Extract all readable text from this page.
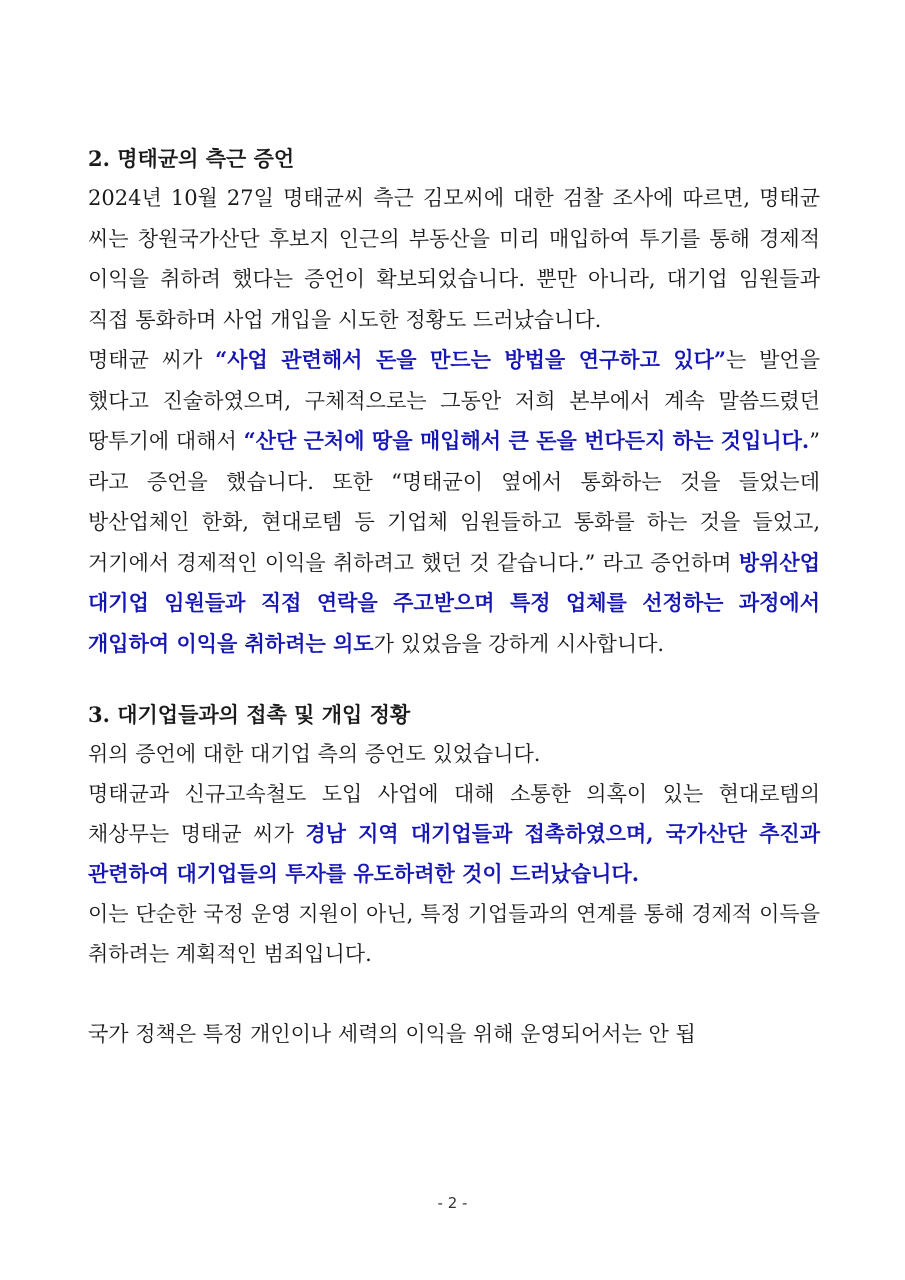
2. 명태균의 측근 증언

2024년 10월 27일 명태균씨 측근 김모씨에 대한 검찰 조사에 따르면, 명태균 씨는 창원국가산단 후보지 인근의 부동산을 미리 매입하여 투기를 통해 경제적 이익을 취하려 했다는 증언이 확보되었습니다. 뿐만 아니라, 대기업 임원들과 직접 통화하며 사업 개입을 시도한 정황도 드러났습니다.

명태균 씨가 “사업 관련해서 돈을 만드는 방법을 연구하고 있다”는 발언을 했다고 진술하였으며, 구체적으로는 그동안 저희 본부에서 계속 말씀드렸던 땅투기에 대해서 “산단 근처에 땅을 매입해서 큰 돈을 번다든지 하는 것입니다.” 라고 증언을 했습니다. 또한 “명태균이 옆에서 통화하는 것을 들었는데 방산업체인 한화, 현대로템 등 기업체 임원들하고 통화를 하는 것을 들었고, 거기에서 경제적인 이익을 취하려고 했던 것 같습니다.” 라고 증언하며 방위산업 대기업 임원들과 직접 연락을 주고받으며 특정 업체를 선정하는 과정에서 개입하여 이익을 취하려는 의도가 있었음을 강하게 시사합니다.

3. 대기업들과의 접촉 및 개입 정황

위의 증언에 대한 대기업 측의 증언도 있었습니다.

명태균과 신규고속철도 도입 사업에 대해 소통한 의혹이 있는 현대로템의 채상무는 명태균 씨가 경남 지역 대기업들과 접촉하였으며, 국가산단 추진과 관련하여 대기업들의 투자를 유도하려한 것이 드러났습니다.

이는 단순한 국정 운영 지원이 아닌, 특정 기업들과의 연계를 통해 경제적 이득을 취하려는 계획적인 범죄입니다.

국가 정책은 특정 개인이나 세력의 이익을 위해 운영되어서는 안 됩

- 2 -
